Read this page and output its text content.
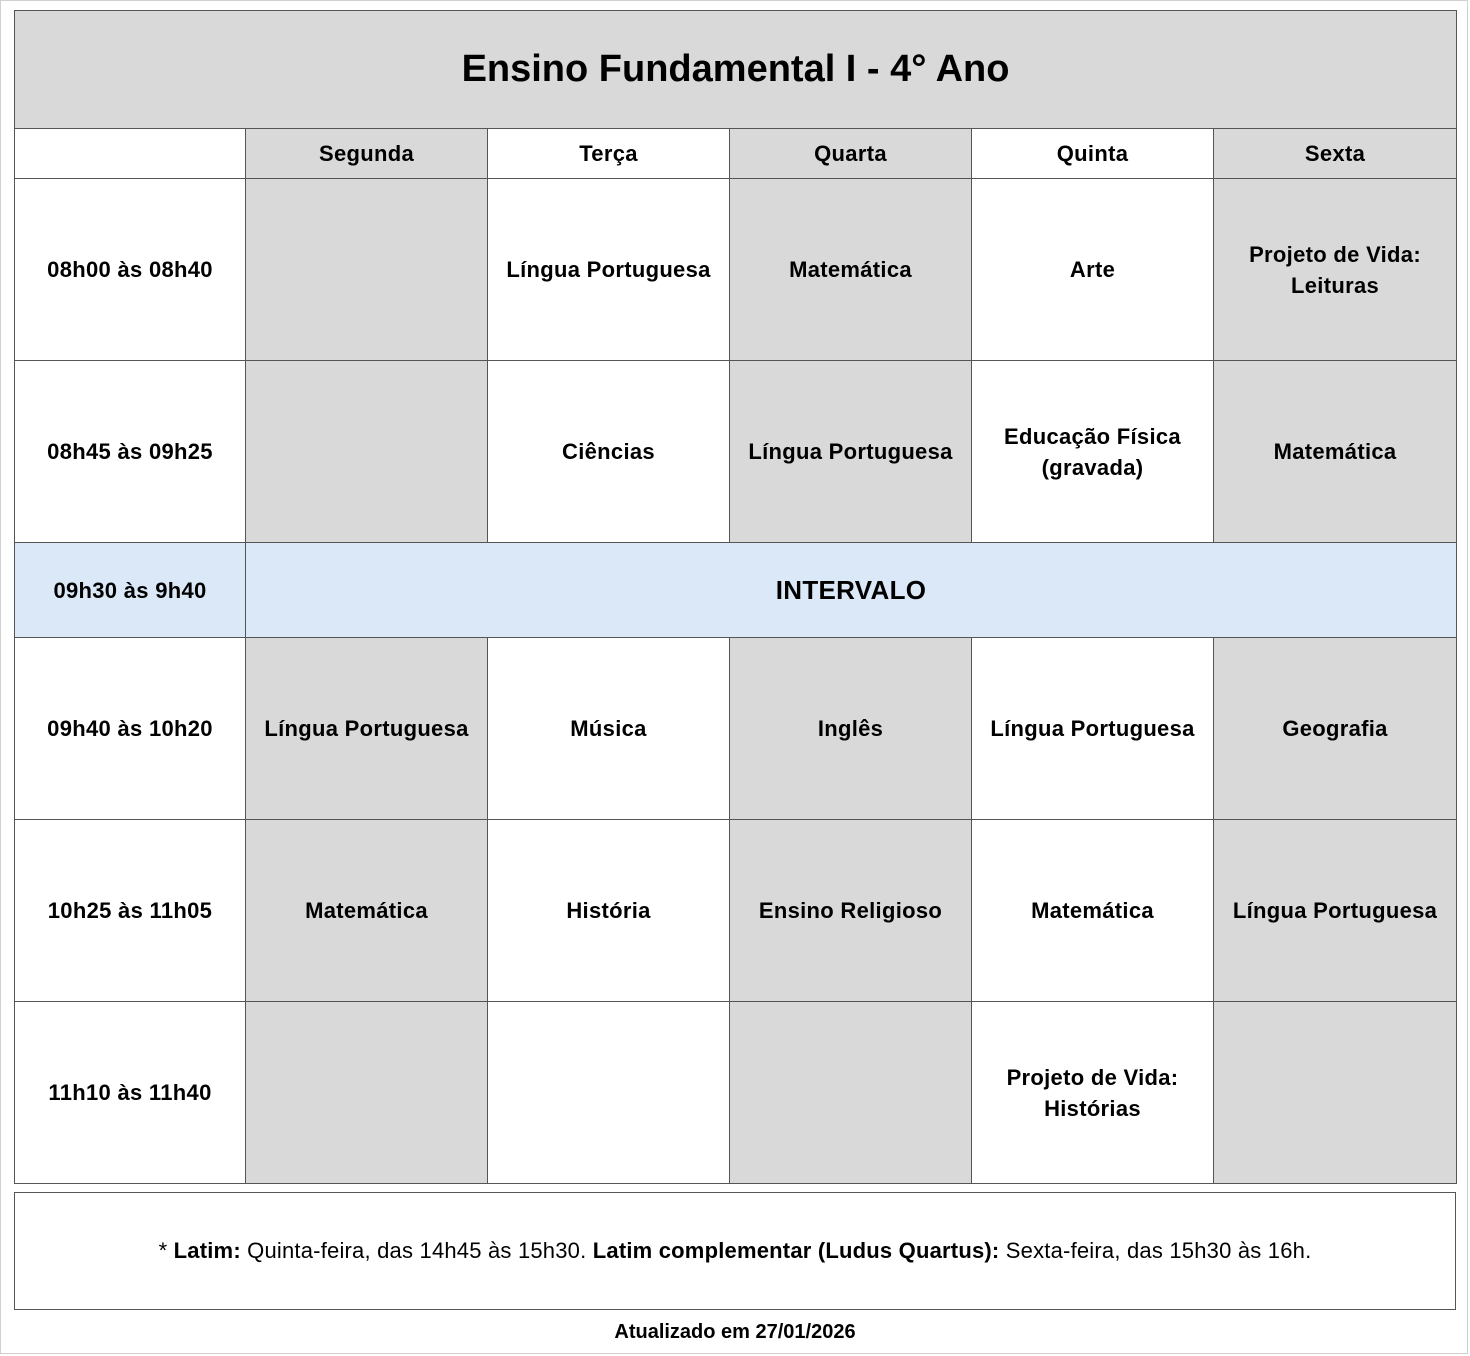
Ensino Fundamental I - 4° Ano					
	Segunda	Terça	Quarta	Quinta	Sexta
08h00 às 08h40		Língua Portuguesa	Matemática	Arte	Projeto de Vida: Leituras
08h45 às 09h25		Ciências	Língua Portuguesa	Educação Física (gravada)	Matemática
09h30 às 9h40	INTERVALO				
09h40 às 10h20	Língua Portuguesa	Música	Inglês	Língua Portuguesa	Geografia
10h25 às 11h05	Matemática	História	Ensino Religioso	Matemática	Língua Portuguesa
11h10 às 11h40				Projeto de Vida: Histórias	
* Latim: Quinta-feira, das 14h45 às 15h30. Latim complementar (Ludus Quartus): Sexta-feira, das 15h30 às 16h.
Atualizado em 27/01/2026
